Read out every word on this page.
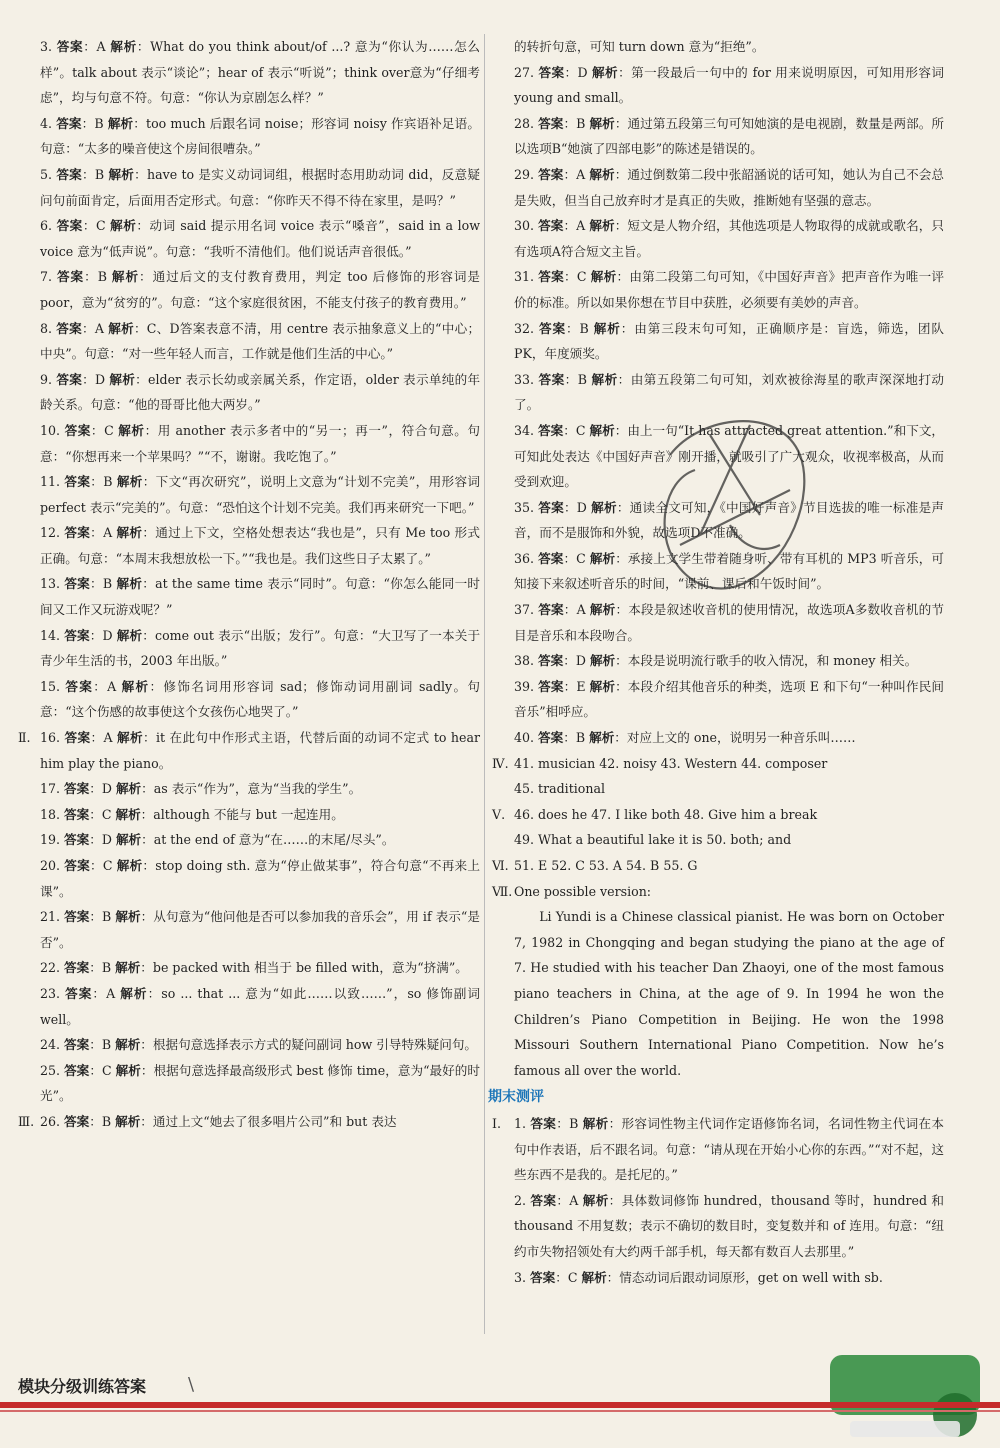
3. 答案：A 解析：What do you think about/of ...? 意为“你认为……怎么样”。talk about 表示“谈论”；hear of 表示“听说”；think over意为“仔细考虑”，均与句意不符。句意：“你认为京剧怎么样？”
4. 答案：B 解析：too much 后跟名词 noise；形容词 noisy 作宾语补足语。句意：“太多的噪音使这个房间很嘈杂。”
5. 答案：B 解析：have to 是实义动词词组，根据时态用助动词 did，反意疑问句前面肯定，后面用否定形式。句意：“你昨天不得不待在家里，是吗？”
6. 答案：C 解析：动词 said 提示用名词 voice 表示“嗓音”，said in a low voice 意为“低声说”。句意：“我听不清他们。他们说话声音很低。”
7. 答案：B 解析：通过后文的支付教育费用，判定 too 后修饰的形容词是 poor，意为“贫穷的”。句意：“这个家庭很贫困，不能支付孩子的教育费用。”
8. 答案：A 解析：C、D答案表意不清，用 centre 表示抽象意义上的“中心；中央”。句意：“对一些年轻人而言，工作就是他们生活的中心。”
9. 答案：D 解析：elder 表示长幼或亲属关系，作定语，older 表示单纯的年龄关系。句意：“他的哥哥比他大两岁。”
10. 答案：C 解析：用 another 表示多者中的“另一；再一”，符合句意。句意：“你想再来一个苹果吗？”“不，谢谢。我吃饱了。”
11. 答案：B 解析：下文“再次研究”，说明上文意为“计划不完美”，用形容词 perfect 表示“完美的”。句意：“恐怕这个计划不完美。我们再来研究一下吧。”
12. 答案：A 解析：通过上下文，空格处想表达“我也是”，只有 Me too 形式正确。句意：“本周末我想放松一下。”“我也是。我们这些日子太累了。”
13. 答案：B 解析：at the same time 表示“同时”。句意：“你怎么能同一时间又工作又玩游戏呢？”
14. 答案：D 解析：come out 表示“出版；发行”。句意：“大卫写了一本关于青少年生活的书，2003 年出版。”
15. 答案：A 解析：修饰名词用形容词 sad；修饰动词用副词 sadly。句意：“这个伤感的故事使这个女孩伤心地哭了。”
Ⅱ. 16. 答案：A 解析：it 在此句中作形式主语，代替后面的动词不定式 to hear him play the piano。
17. 答案：D 解析：as 表示“作为”，意为“当我的学生”。
18. 答案：C 解析：although 不能与 but 一起连用。
19. 答案：D 解析：at the end of 意为“在……的末尾/尽头”。
20. 答案：C 解析：stop doing sth. 意为“停止做某事”，符合句意“不再来上课”。
21. 答案：B 解析：从句意为“他问他是否可以参加我的音乐会”，用 if 表示“是否”。
22. 答案：B 解析：be packed with 相当于 be filled with，意为“挤满”。
23. 答案：A 解析：so ... that ... 意为“如此……以致……”，so 修饰副词 well。
24. 答案：B 解析：根据句意选择表示方式的疑问副词 how 引导特殊疑问句。
25. 答案：C 解析：根据句意选择最高级形式 best 修饰 time，意为“最好的时光”。
Ⅲ. 26. 答案：B 解析：通过上文“她去了很多唱片公司”和 but 表达
的转折句意，可知 turn down 意为“拒绝”。
27. 答案：D 解析：第一段最后一句中的 for 用来说明原因，可知用形容词 young and small。
28. 答案：B 解析：通过第五段第三句可知她演的是电视剧，数量是两部。所以选项B“她演了四部电影”的陈述是错误的。
29. 答案：A 解析：通过倒数第二段中张韶涵说的话可知，她认为自己不会总是失败，但当自己放弃时才是真正的失败，推断她有坚强的意志。
30. 答案：A 解析：短文是人物介绍，其他选项是人物取得的成就或歌名，只有选项A符合短文主旨。
31. 答案：C 解析：由第二段第二句可知，《中国好声音》把声音作为唯一评价的标准。所以如果你想在节目中获胜，必须要有美妙的声音。
32. 答案：B 解析：由第三段末句可知，正确顺序是：盲选，筛选，团队PK，年度颁奖。
33. 答案：B 解析：由第五段第二句可知，刘欢被徐海星的歌声深深地打动了。
34. 答案：C 解析：由上一句“It has attracted great attention.”和下文，可知此处表达《中国好声音》刚开播，就吸引了广大观众，收视率极高，从而受到欢迎。
35. 答案：D 解析：通读全文可知，《中国好声音》节目选拔的唯一标准是声音，而不是服饰和外貌，故选项D不准确。
36. 答案：C 解析：承接上文学生带着随身听、带有耳机的 MP3 听音乐，可知接下来叙述听音乐的时间，“课前、课后和午饭时间”。
37. 答案：A 解析：本段是叙述收音机的使用情况，故选项A多数收音机的节目是音乐和本段吻合。
38. 答案：D 解析：本段是说明流行歌手的收入情况，和 money 相关。
39. 答案：E 解析：本段介绍其他音乐的种类，选项 E 和下句“一种叫作民间音乐”相呼应。
40. 答案：B 解析：对应上文的 one，说明另一种音乐叫……
Ⅳ. 41. musician 42. noisy 43. Western 44. composer
45. traditional
Ⅴ. 46. does he 47. I like both 48. Give him a break
49. What a beautiful lake it is 50. both; and
Ⅵ. 51. E 52. C 53. A 54. B 55. G
Ⅶ. One possible version:
Li Yundi is a Chinese classical pianist. He was born on October 7, 1982 in Chongqing and began studying the piano at the age of 7. He studied with his teacher Dan Zhaoyi, one of the most famous piano teachers in China, at the age of 9. In 1994 he won the Children’s Piano Competition in Beijing. He won the 1998 Missouri Southern International Piano Competition. Now he’s famous all over the world.
期末测评
Ⅰ. 1. 答案：B 解析：形容词性物主代词作定语修饰名词，名词性物主代词在本句中作表语，后不跟名词。句意：“请从现在开始小心你的东西。”“对不起，这些东西不是我的。是托尼的。”
2. 答案：A 解析：具体数词修饰 hundred，thousand 等时，hundred 和 thousand 不用复数；表示不确切的数目时，变复数并和 of 连用。句意：“纽约市失物招领处有大约两千部手机，每天都有数百人去那里。”
3. 答案：C 解析：情态动词后跟动词原形，get on well with sb.
模块分级训练答案 \
